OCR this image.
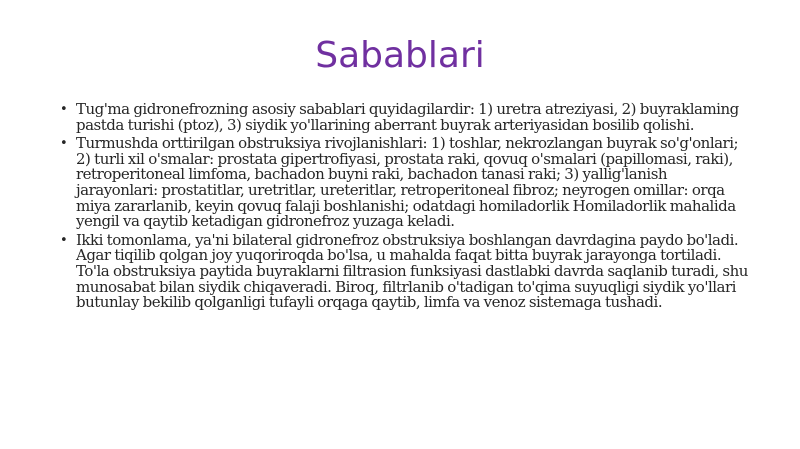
Sabablari
• Tug'ma gidronefrozning asosiy sabablari quyidagilardir: 1) uretra atreziyasi, 2) buyraklaming pastda turishi (ptoz), 3) siydik yo'llarining aberrant buyrak arteriyasidan bosilib qolishi.
• Turmushda orttirilgan obstruksiya rivojlanishlari: 1) toshlar, nekrozlangan buyrak so'g'onlari; 2) turli xil o'smalar: prostata gipertrofiyasi, prostata raki, qovuq o'smalari (papillomasi, raki), retroperitoneal limfoma, bachadon buyni raki, bachadon tanasi raki; 3) yallig'lanish jarayonlari: prostatitlar, uretritlar, ureteritlar, retroperitoneal fibroz; neyrogen omillar: orqa miya zararlanib, keyin qovuq falaji boshlanishi; odatdagi homiladorlik Homiladorlik mahalida yengil va qaytib ketadigan gidronefroz yuzaga keladi.
• Ikki tomonlama, ya'ni bilateral gidronefroz obstruksiya boshlangan davrdagina paydo bo'ladi. Agar tiqilib qolgan joy yuqoriroqda bo'lsa, u mahalda faqat bitta buyrak jarayonga tortiladi. To'la obstruksiya paytida buyraklarni filtrasion funksiyasi dastlabki davrda saqlanib turadi, shu munosabat bilan siydik chiqaveradi. Biroq, filtrlanib o'tadigan to'qima suyuqligi siydik yo'llari butunlay bekilib qolganligi tufayli orqaga qaytib, limfa va venoz sistemaga tushadi.
